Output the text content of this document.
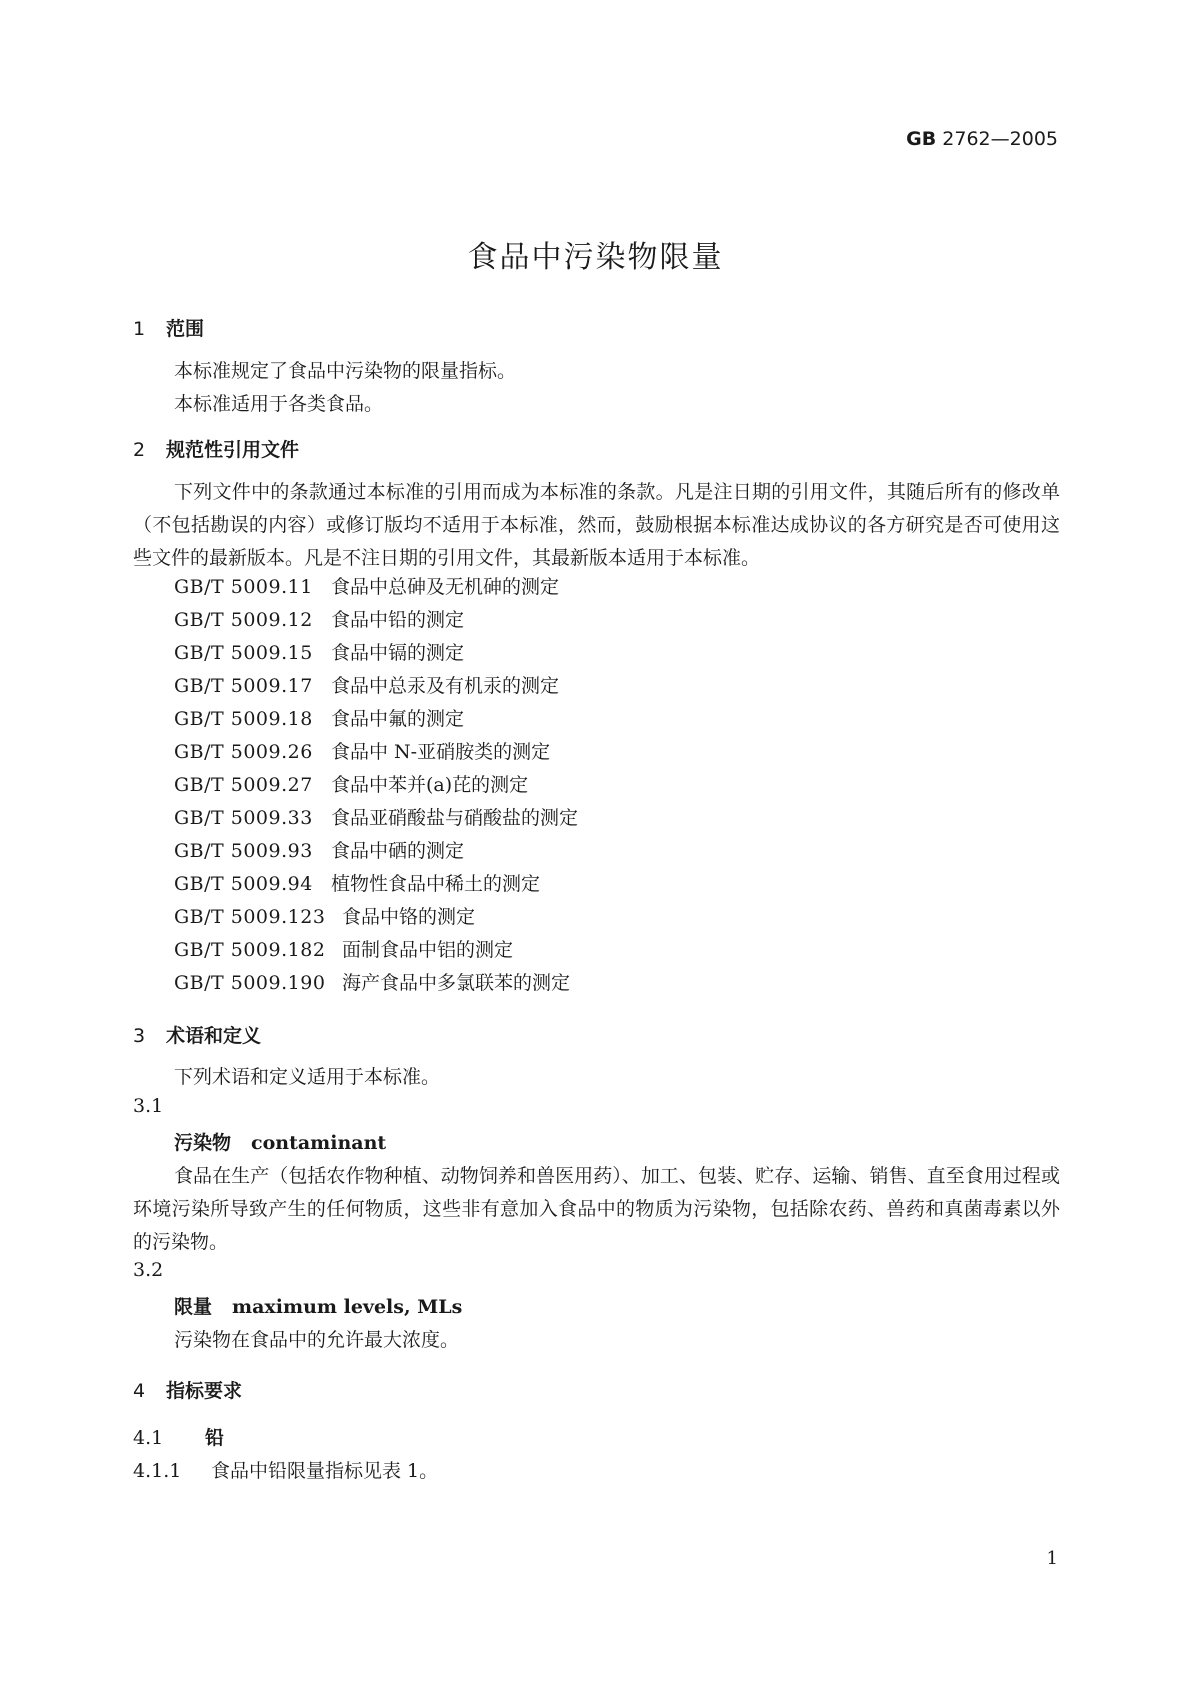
GB 2762—2005
食品中污染物限量
1 范围
本标准规定了食品中污染物的限量指标。
本标准适用于各类食品。
2 规范性引用文件
下列文件中的条款通过本标准的引用而成为本标准的条款。凡是注日期的引用文件，其随后所有的修改单（不包括勘误的内容）或修订版均不适用于本标准，然而，鼓励根据本标准达成协议的各方研究是否可使用这些文件的最新版本。凡是不注日期的引用文件，其最新版本适用于本标准。
GB/T 5009.11 食品中总砷及无机砷的测定
GB/T 5009.12 食品中铅的测定
GB/T 5009.15 食品中镉的测定
GB/T 5009.17 食品中总汞及有机汞的测定
GB/T 5009.18 食品中氟的测定
GB/T 5009.26 食品中 N-亚硝胺类的测定
GB/T 5009.27 食品中苯并(a)芘的测定
GB/T 5009.33 食品亚硝酸盐与硝酸盐的测定
GB/T 5009.93 食品中硒的测定
GB/T 5009.94 植物性食品中稀土的测定
GB/T 5009.123 食品中铬的测定
GB/T 5009.182 面制食品中铝的测定
GB/T 5009.190 海产食品中多氯联苯的测定
3 术语和定义
下列术语和定义适用于本标准。
3.1
污染物 contaminant
食品在生产（包括农作物种植、动物饲养和兽医用药）、加工、包装、贮存、运输、销售、直至食用过程或环境污染所导致产生的任何物质，这些非有意加入食品中的物质为污染物，包括除农药、兽药和真菌毒素以外的污染物。
3.2
限量 maximum levels, MLs
污染物在食品中的允许最大浓度。
4 指标要求
4.1 铅
4.1.1 食品中铅限量指标见表 1。
1
